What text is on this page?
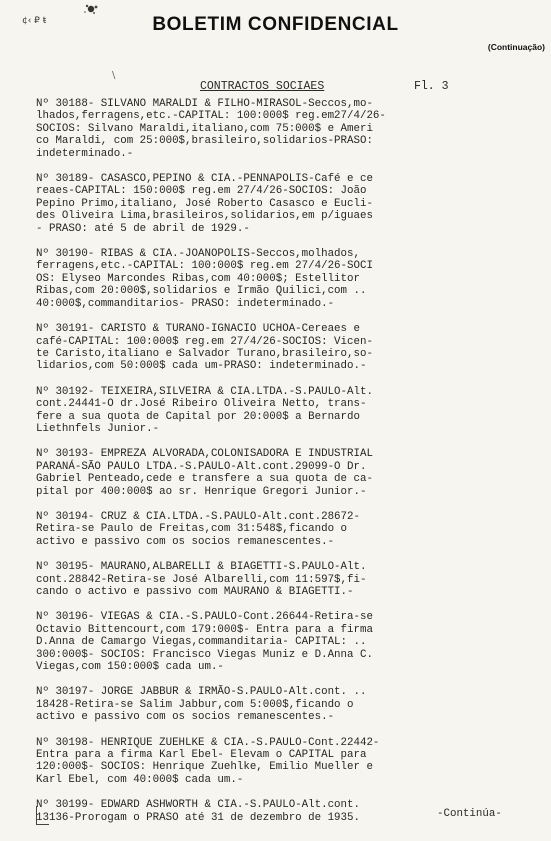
¢‹ ₽ ŧ	BOLETIM CONFIDENCIAL
(Continuação)
\
CONTRACTOS SOCIAES	Fl. 3
Nº 30188- SILVANO MARALDI & FILHO-MIRASOL-Seccos,mo-
lhados,ferragens,etc.-CAPITAL: 100:000$ reg.em27/4/26-
SOCIOS: Silvano Maraldi,italiano,com 75:000$ e Ameri
co Maraldi, com 25:000$,brasileiro,solidarios-PRASO:
indeterminado.-
Nº 30189- CASASCO,PEPINO & CIA.-PENNAPOLIS-Café e ce
reaes-CAPITAL: 150:000$ reg.em 27/4/26-SOCIOS: João
Pepino Primo,italiano, José Roberto Casasco e Eucli-
des Oliveira Lima,brasileiros,solidarios,em p/iguaes
- PRASO: até 5 de abril de 1929.-
Nº 30190- RIBAS & CIA.-JOANOPOLIS-Seccos,molhados,
ferragens,etc.-CAPITAL: 100:000$ reg.em 27/4/26-SOCI
OS: Elyseo Marcondes Ribas,com 40:000$; Estellitor
Ribas,com 20:000$,solidarios e Irmão Quilici,com ..
40:000$,commanditarios- PRASO: indeterminado.-
Nº 30191- CARISTO & TURANO-IGNACIO UCHOA-Cereaes e
café-CAPITAL: 100:000$ reg.em 27/4/26-SOCIOS: Vicen-
te Caristo,italiano e Salvador Turano,brasileiro,so-
lidarios,com 50:000$ cada um-PRASO: indeterminado.-
Nº 30192- TEIXEIRA,SILVEIRA & CIA.LTDA.-S.PAULO-Alt.
cont.24441-O dr.José Ribeiro Oliveira Netto, trans-
fere a sua quota de Capital por 20:000$ a Bernardo
Liethnfels Junior.-
Nº 30193- EMPREZA ALVORADA,COLONISADORA E INDUSTRIAL
PARANÁ-SÃO PAULO LTDA.-S.PAULO-Alt.cont.29099-O Dr.
Gabriel Penteado,cede e transfere a sua quota de ca-
pital por 400:000$ ao sr. Henrique Gregori Junior.-
Nº 30194- CRUZ & CIA.LTDA.-S.PAULO-Alt.cont.28672-
Retira-se Paulo de Freitas,com 31:548$,ficando o
activo e passivo com os socios remanescentes.-
Nº 30195- MAURANO,ALBARELLI & BIAGETTI-S.PAULO-Alt.
cont.28842-Retira-se José Albarelli,com 11:597$,fi-
cando o activo e passivo com MAURANO & BIAGETTI.-
Nº 30196- VIEGAS & CIA.-S.PAULO-Cont.26644-Retira-se
Octavio Bittencourt,com 179:000$- Entra para a firma
D.Anna de Camargo Viegas,commanditaria- CAPITAL: ..
300:000$- SOCIOS: Francisco Viegas Muniz e D.Anna C.
Viegas,com 150:000$ cada um.-
Nº 30197- JORGE JABBUR & IRMÃO-S.PAULO-Alt.cont. ..
18428-Retira-se Salim Jabbur,com 5:000$,ficando o
activo e passivo com os socios remanescentes.-
Nº 30198- HENRIQUE ZUEHLKE & CIA.-S.PAULO-Cont.22442-
Entra para a firma Karl Ebel- Elevam o CAPITAL para
120:000$- SOCIOS: Henrique Zuehlke, Emilio Mueller e
Karl Ebel, com 40:000$ cada um.-
Nº 30199- EDWARD ASHWORTH & CIA.-S.PAULO-Alt.cont.
13136-Prorogam o PRASO até 31 de dezembro de 1935.	-Continúa-
